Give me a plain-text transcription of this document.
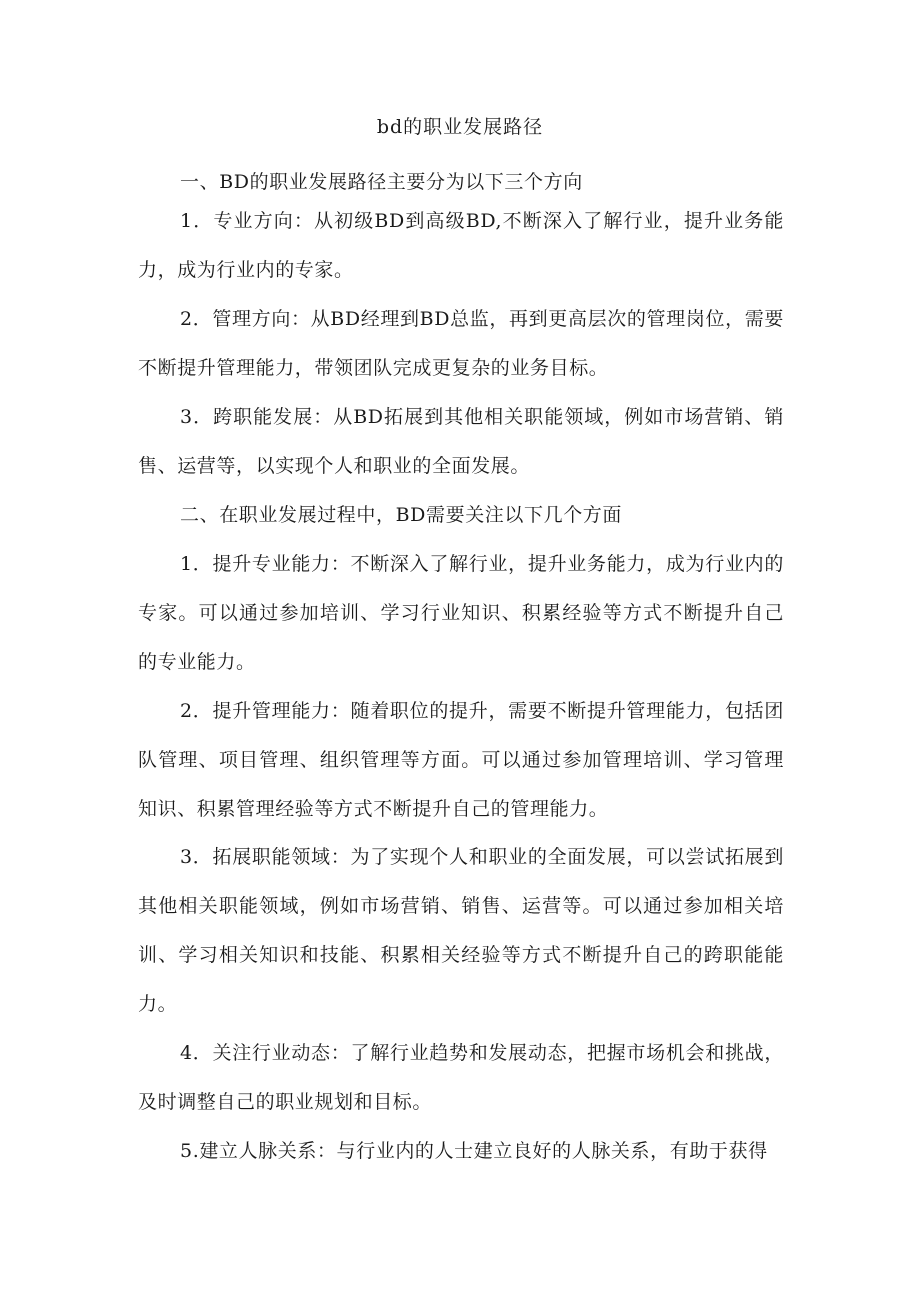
bd的职业发展路径

一、BD的职业发展路径主要分为以下三个方向

1．专业方向：从初级BD到高级BD,不断深入了解行业，提升业务能力，成为行业内的专家。

2．管理方向：从BD经理到BD总监，再到更高层次的管理岗位，需要不断提升管理能力，带领团队完成更复杂的业务目标。

3．跨职能发展：从BD拓展到其他相关职能领域，例如市场营销、销售、运营等，以实现个人和职业的全面发展。

二、在职业发展过程中，BD需要关注以下几个方面

1．提升专业能力：不断深入了解行业，提升业务能力，成为行业内的专家。可以通过参加培训、学习行业知识、积累经验等方式不断提升自己的专业能力。

2．提升管理能力：随着职位的提升，需要不断提升管理能力，包括团队管理、项目管理、组织管理等方面。可以通过参加管理培训、学习管理知识、积累管理经验等方式不断提升自己的管理能力。

3．拓展职能领域：为了实现个人和职业的全面发展，可以尝试拓展到其他相关职能领域，例如市场营销、销售、运营等。可以通过参加相关培训、学习相关知识和技能、积累相关经验等方式不断提升自己的跨职能能力。

4．关注行业动态：了解行业趋势和发展动态，把握市场机会和挑战，及时调整自己的职业规划和目标。

5.建立人脉关系：与行业内的人士建立良好的人脉关系，有助于获得
